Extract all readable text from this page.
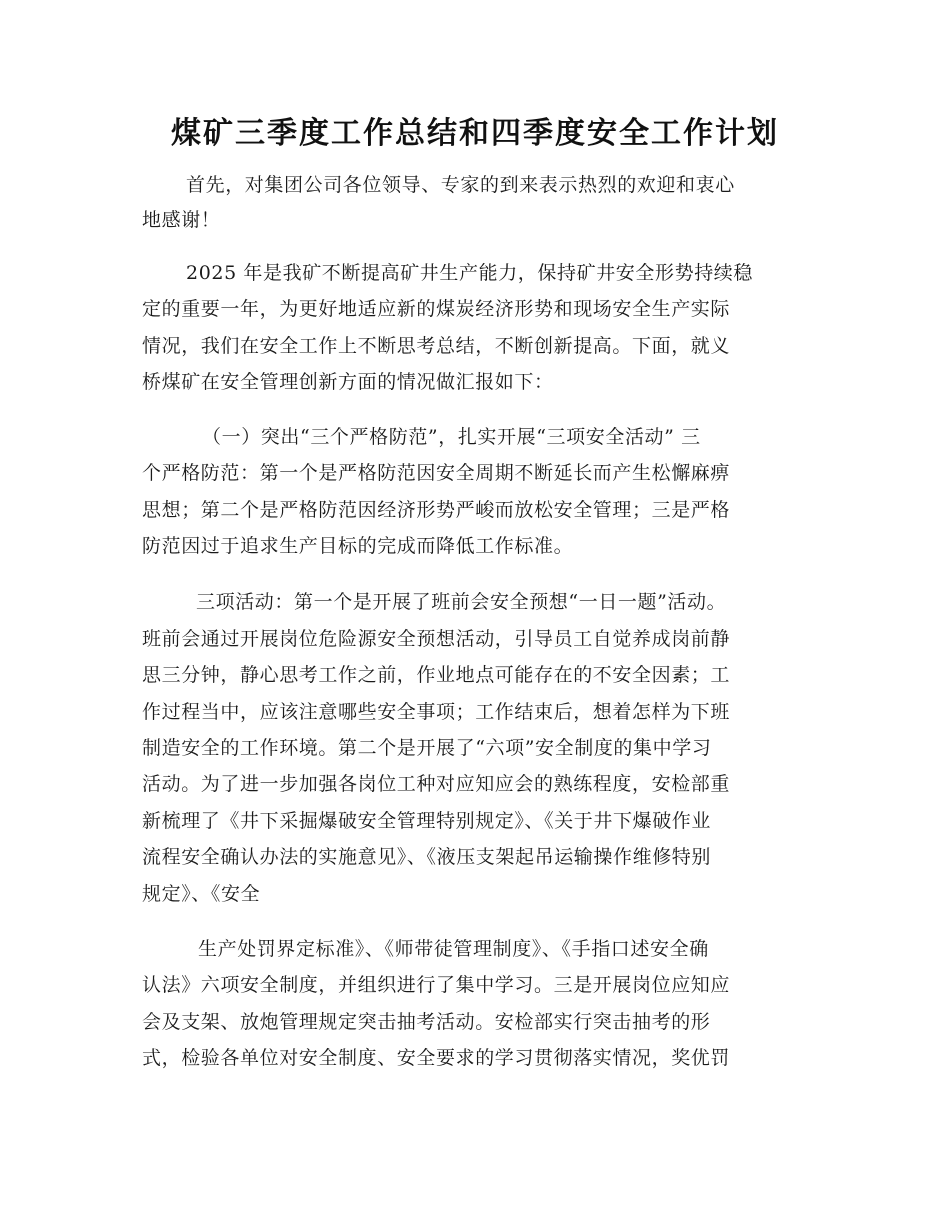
煤矿三季度工作总结和四季度安全工作计划
首先，对集团公司各位领导、专家的到来表示热烈的欢迎和衷心
地感谢！
2025 年是我矿不断提高矿井生产能力，保持矿井安全形势持续稳
定的重要一年，为更好地适应新的煤炭经济形势和现场安全生产实际
情况，我们在安全工作上不断思考总结，不断创新提高。下面，就义
桥煤矿在安全管理创新方面的情况做汇报如下：
（一）突出“三个严格防范”，扎实开展“三项安全活动” 三
个严格防范：第一个是严格防范因安全周期不断延长而产生松懈麻痹
思想；第二个是严格防范因经济形势严峻而放松安全管理；三是严格
防范因过于追求生产目标的完成而降低工作标准。
三项活动：第一个是开展了班前会安全预想“一日一题”活动。
班前会通过开展岗位危险源安全预想活动，引导员工自觉养成岗前静
思三分钟，静心思考工作之前，作业地点可能存在的不安全因素；工
作过程当中，应该注意哪些安全事项；工作结束后，想着怎样为下班
制造安全的工作环境。第二个是开展了“六项”安全制度的集中学习
活动。为了进一步加强各岗位工种对应知应会的熟练程度，安检部重
新梳理了《井下采掘爆破安全管理特别规定》、《关于井下爆破作业
流程安全确认办法的实施意见》、《液压支架起吊运输操作维修特别
规定》、《安全
生产处罚界定标准》、《师带徒管理制度》、《手指口述安全确
认法》六项安全制度，并组织进行了集中学习。三是开展岗位应知应
会及支架、放炮管理规定突击抽考活动。安检部实行突击抽考的形
式，检验各单位对安全制度、安全要求的学习贯彻落实情况，奖优罚
